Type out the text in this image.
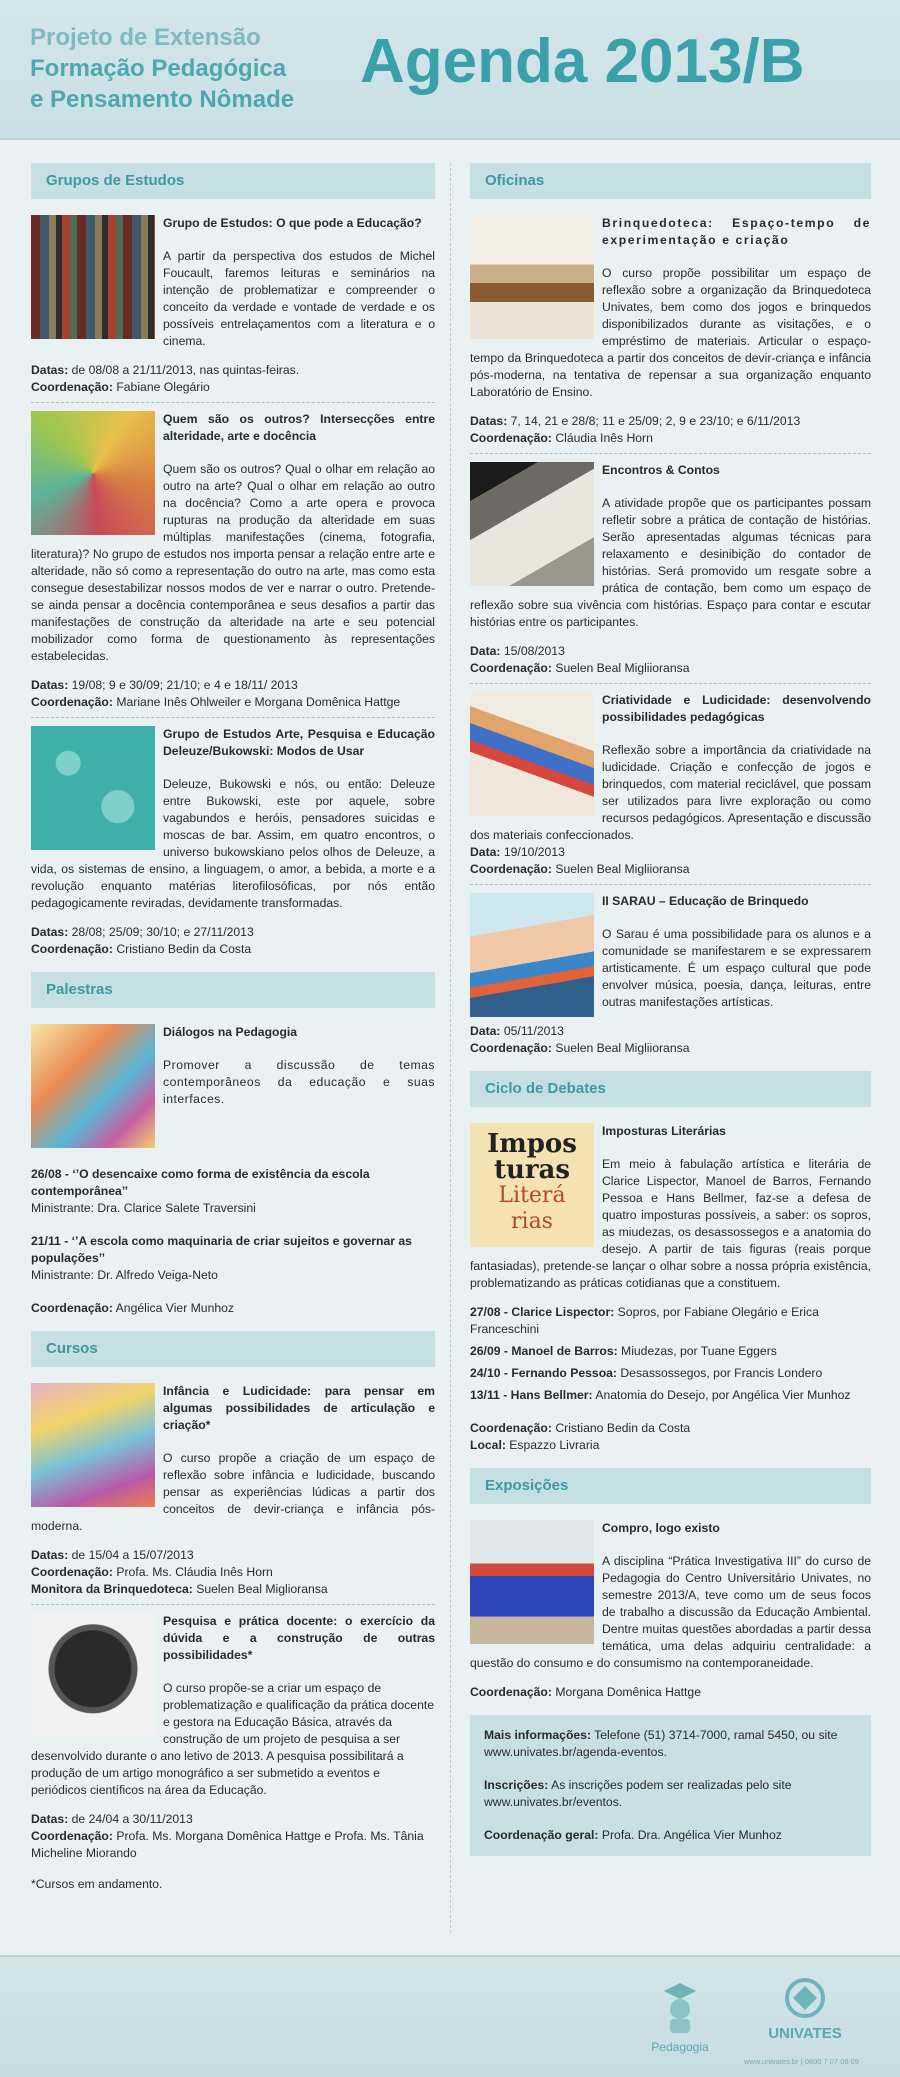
Projeto de Extensão
Formação Pedagógica
e Pensamento Nômade
Agenda 2013/B
Grupos de Estudos
Grupo de Estudos: O que pode a Educação?

A partir da perspectiva dos estudos de Michel Foucault, faremos leituras e seminários na intenção de problematizar e compreender o conceito da verdade e vontade de verdade e os possíveis entrelaçamentos com a literatura e o cinema.

Datas: de 08/08 a 21/11/2013, nas quintas-feiras.

Coordenação: Fabiane Olegário

Quem são os outros? Intersecções entre alteridade, arte e docência

Quem são os outros? Qual o olhar em relação ao outro na arte? Qual o olhar em relação ao outro na docência? Como a arte opera e provoca rupturas na produção da alteridade em suas múltiplas manifestações (cinema, fotografia, literatura)? No grupo de estudos nos importa pensar a relação entre arte e alteridade, não só como a representação do outro na arte, mas como esta consegue desestabilizar nossos modos de ver e narrar o outro. Pretende-se ainda pensar a docência contemporânea e seus desafios a partir das manifestações de construção da alteridade na arte e seu potencial mobilizador como forma de questionamento às representações estabelecidas.

Datas: 19/08; 9 e 30/09; 21/10; e 4 e 18/11/ 2013

Coordenação: Mariane Inês Ohlweiler e Morgana Domênica Hattge

Grupo de Estudos Arte, Pesquisa e Educação Deleuze/Bukowski: Modos de Usar

Deleuze, Bukowski e nós, ou então: Deleuze entre Bukowski, este por aquele, sobre vagabundos e heróis, pensadores suicidas e moscas de bar. Assim, em quatro encontros, o universo bukowskiano pelos olhos de Deleuze, a vida, os sistemas de ensino, a linguagem, o amor, a bebida, a morte e a revolução enquanto matérias literofilosóficas, por nós então pedagogicamente reviradas, devidamente transformadas.

Datas: 28/08; 25/09; 30/10; e 27/11/2013

Coordenação: Cristiano Bedin da Costa

Palestras
Diálogos na Pedagogia

Promover a discussão de temas contemporâneos da educação e suas interfaces.

26/08 - ‘’O desencaixe como forma de existência da escola contemporânea’’
Ministrante: Dra. Clarice Salete Traversini
21/11 - ‘’A escola como maquinaria de criar sujeitos e governar as populações’’
Ministrante: Dr. Alfredo Veiga-Neto

Coordenação: Angélica Vier Munhoz

Cursos
Infância e Ludicidade: para pensar em algumas possibilidades de articulação e criação*

O curso propõe a criação de um espaço de reflexão sobre infância e ludicidade, buscando pensar as experiências lúdicas a partir dos conceitos de devir-criança e infância pós-moderna.

Datas: de 15/04 a 15/07/2013

Coordenação: Profa. Ms. Cláudia Inês Horn

Monitora da Brinquedoteca: Suelen Beal Miglioransa

Pesquisa e prática docente: o exercício da dúvida e a construção de outras possibilidades*

O curso propõe-se a criar um espaço de problematização e qualificação da prática docente e gestora na Educação Básica, através da construção de um projeto de pesquisa a ser desenvolvido durante o ano letivo de 2013. A pesquisa possibilitará a produção de um artigo monográfico a ser submetido a eventos e periódicos científicos na área da Educação.

Datas: de 24/04 a 30/11/2013

Coordenação: Profa. Ms. Morgana Domênica Hattge e Profa. Ms. Tânia Micheline Miorando

*Cursos em andamento.

Oficinas
Brinquedoteca: Espaço-tempo de experimentação e criação

O curso propõe possibilitar um espaço de reflexão sobre a organização da Brinquedoteca Univates, bem como dos jogos e brinquedos disponibilizados durante as visitações, e o empréstimo de materiais. Articular o espaço-tempo da Brinquedoteca a partir dos conceitos de devir-criança e infância pós-moderna, na tentativa de repensar a sua organização enquanto Laboratório de Ensino.

Datas: 7, 14, 21 e 28/8; 11 e 25/09; 2, 9 e 23/10; e 6/11/2013

Coordenação: Cláudia Inês Horn

Encontros & Contos

A atividade propõe que os participantes possam refletir sobre a prática de contação de histórias. Serão apresentadas algumas técnicas para relaxamento e desinibição do contador de histórias. Será promovido um resgate sobre a prática de contação, bem como um espaço de reflexão sobre sua vivência com histórias. Espaço para contar e escutar histórias entre os participantes.

Data: 15/08/2013

Coordenação: Suelen Beal Migliioransa

Criatividade e Ludicidade: desenvolvendo possibilidades pedagógicas

Reflexão sobre a importância da criatividade na ludicidade. Criação e confecção de jogos e brinquedos, com material reciclável, que possam ser utilizados para livre exploração ou como recursos pedagógicos. Apresentação e discussão dos materiais confeccionados.

Data: 19/10/2013

Coordenação: Suelen Beal Migliioransa

II SARAU – Educação de Brinquedo

O Sarau é uma possibilidade para os alunos e a comunidade se manifestarem e se expressarem artisticamente. É um espaço cultural que pode envolver música, poesia, dança, leituras, entre outras manifestações artísticas.

Data: 05/11/2013

Coordenação: Suelen Beal Migliioransa

Ciclo de Debates
Impos
turas
Literá
rias
Imposturas Literárias

Em meio à fabulação artística e literária de Clarice Lispector, Manoel de Barros, Fernando Pessoa e Hans Bellmer, faz-se a defesa de quatro imposturas possíveis, a saber: os sopros, as miudezas, os desassossegos e a anatomia do desejo. A partir de tais figuras (reais porque fantasiadas), pretende-se lançar o olhar sobre a nossa própria existência, problematizando as práticas cotidianas que a constituem.

27/08 - Clarice Lispector: Sopros, por Fabiane Olegário e Erica Franceschini
26/09 - Manoel de Barros: Miudezas, por Tuane Eggers
24/10 - Fernando Pessoa: Desassossegos, por Francis Londero
13/11 - Hans Bellmer: Anatomia do Desejo, por Angélica Vier Munhoz

Coordenação: Cristiano Bedin da Costa

Local: Espazzo Livraria

Exposições
Compro, logo existo

A disciplina “Prática Investigativa III” do curso de Pedagogia do Centro Universitário Univates, no semestre 2013/A, teve como um de seus focos de trabalho a discussão da Educação Ambiental. Dentre muitas questões abordadas a partir dessa temática, uma delas adquiriu centralidade: a questão do consumo e do consumismo na contemporaneidade.

Coordenação: Morgana Domênica Hattge

Mais informações: Telefone (51) 3714-7000, ramal 5450, ou site www.univates.br/agenda-eventos.

Inscrições: As inscrições podem ser realizadas pelo site www.univates.br/eventos.

Coordenação geral: Profa. Dra. Angélica Vier Munhoz

Pedagogia
UNIVATES
www.univates.br | 0800 7 07 08 09
